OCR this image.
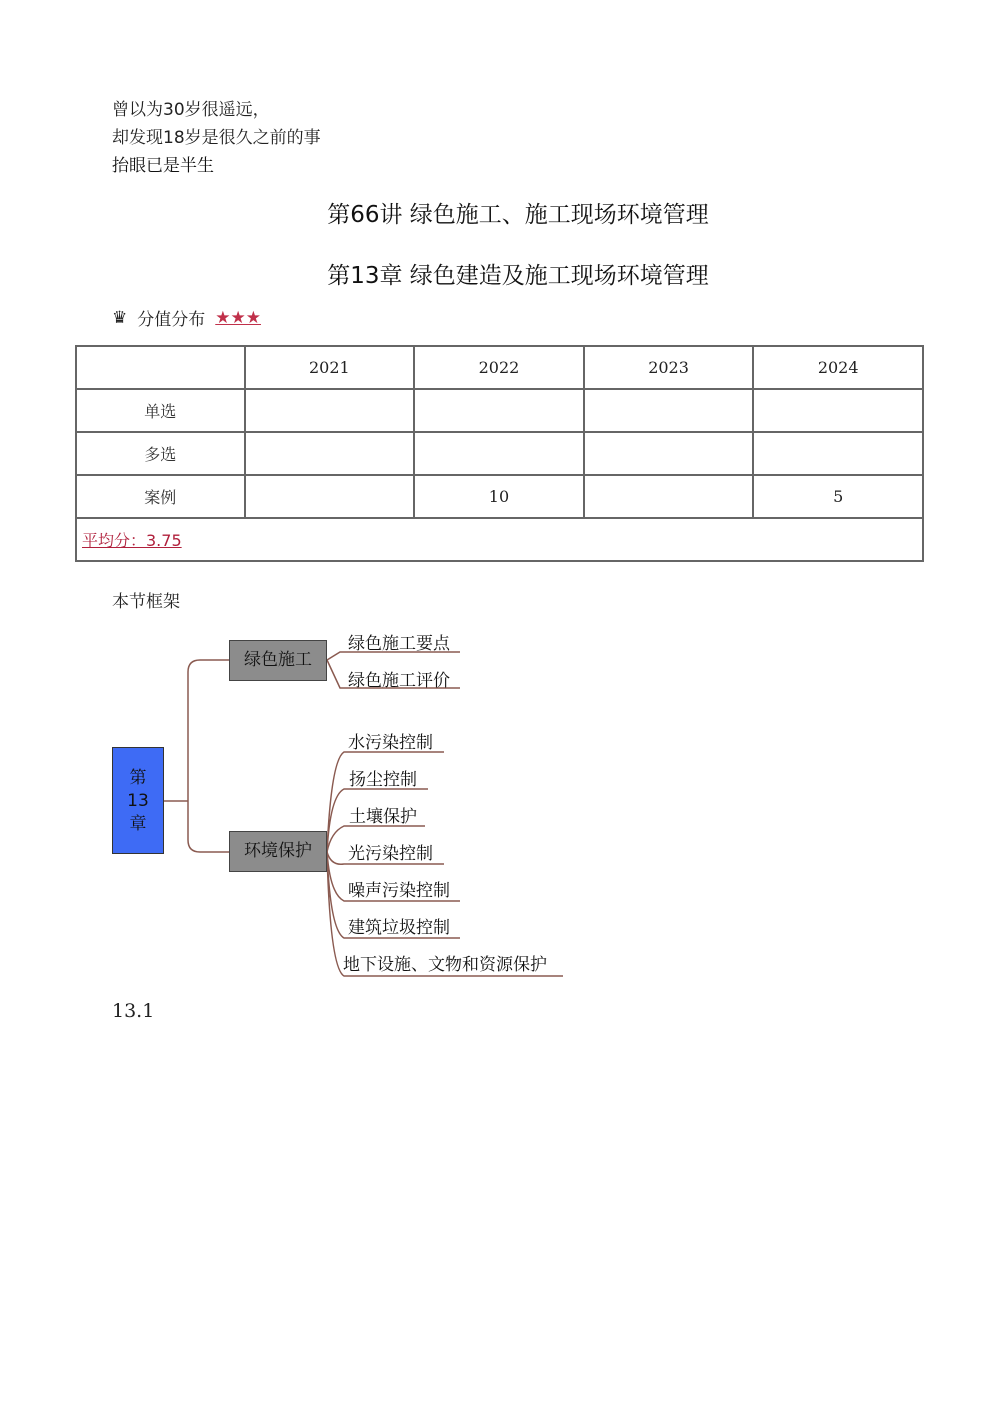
曾以为30岁很遥远，
却发现18岁是很久之前的事
抬眼已是半生
第66讲 绿色施工、施工现场环境管理
第13章 绿色建造及施工现场环境管理
♛ 分值分布 ★★★
	2021	2022	2023	2024
单选				
多选				
案例		10		5
平均分：3.75				
本节框架
第
13
章
绿色施工
环境保护
绿色施工要点
绿色施工评价
水污染控制
扬尘控制
土壤保护
光污染控制
噪声污染控制
建筑垃圾控制
地下设施、文物和资源保护
13.1
